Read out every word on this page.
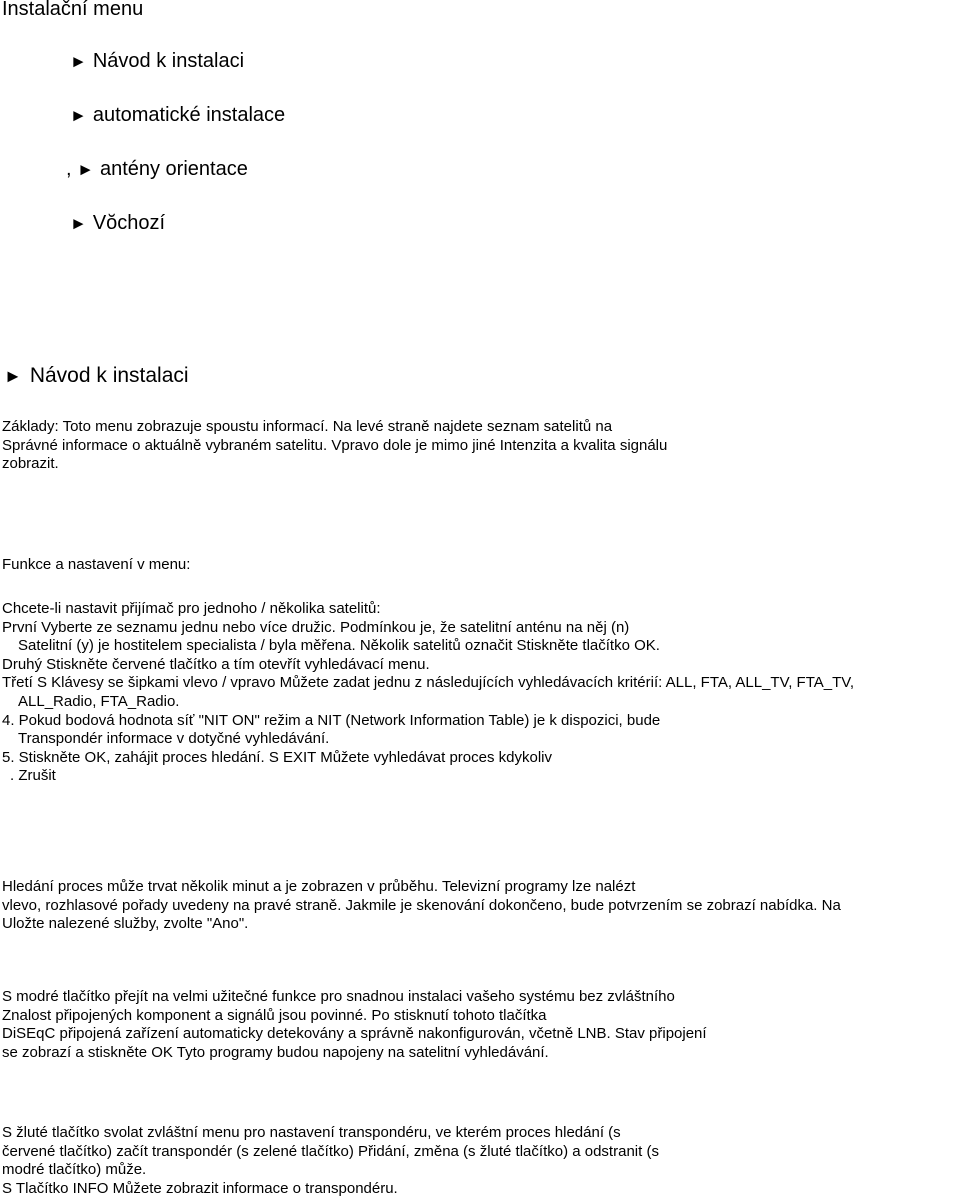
Instalační menu
► Návod k instalaci
► automatické instalace
, ► antény orientace
► Vŏchozí
► Návod k instalaci
Základy: Toto menu zobrazuje spoustu informací. Na levé straně najdete seznam satelitů na
Správné informace o aktuálně vybraném satelitu. Vpravo dole je mimo jiné Intenzita a kvalita signálu
zobrazit.
Funkce a nastavení v menu:
Chcete-li nastavit přijímač pro jednoho / několika satelitů:
První Vyberte ze seznamu jednu nebo více družic. Podmínkou je, že satelitní anténu na něj (n)
Satelitní (y) je hostitelem specialista / byla měřena. Několik satelitů označit Stiskněte tlačítko OK.
Druhý Stiskněte červené tlačítko a tím otevřít vyhledávací menu.
Třetí S Klávesy se šipkami vlevo / vpravo Můžete zadat jednu z následujících vyhledávacích kritérií: ALL, FTA, ALL_TV, FTA_TV,
ALL_Radio, FTA_Radio.
4. Pokud bodová hodnota síť "NIT ON" režim a NIT (Network Information Table) je k dispozici, bude
Transpondér informace v dotyčné vyhledávání.
5. Stiskněte OK, zahájit proces hledání. S EXIT Můžete vyhledávat proces kdykoliv
. Zrušit
Hledání proces může trvat několik minut a je zobrazen v průběhu. Televizní programy lze nalézt
vlevo, rozhlasové pořady uvedeny na pravé straně. Jakmile je skenování dokončeno, bude potvrzením se zobrazí nabídka. Na
Uložte nalezené služby, zvolte "Ano".
S modré tlačítko přejít na velmi užitečné funkce pro snadnou instalaci vašeho systému bez zvláštního
Znalost připojených komponent a signálů jsou povinné. Po stisknutí tohoto tlačítka
DiSEqC připojená zařízení automaticky detekovány a správně nakonfigurován, včetně LNB. Stav připojení
se zobrazí a stiskněte OK Tyto programy budou napojeny na satelitní vyhledávání.
S žluté tlačítko svolat zvláštní menu pro nastavení transpondéru, ve kterém proces hledání (s
červené tlačítko) začít transpondér (s zelené tlačítko) Přidání, změna (s žluté tlačítko) a odstranit (s
modré tlačítko) může.
S Tlačítko INFO Můžete zobrazit informace o transpondéru.
